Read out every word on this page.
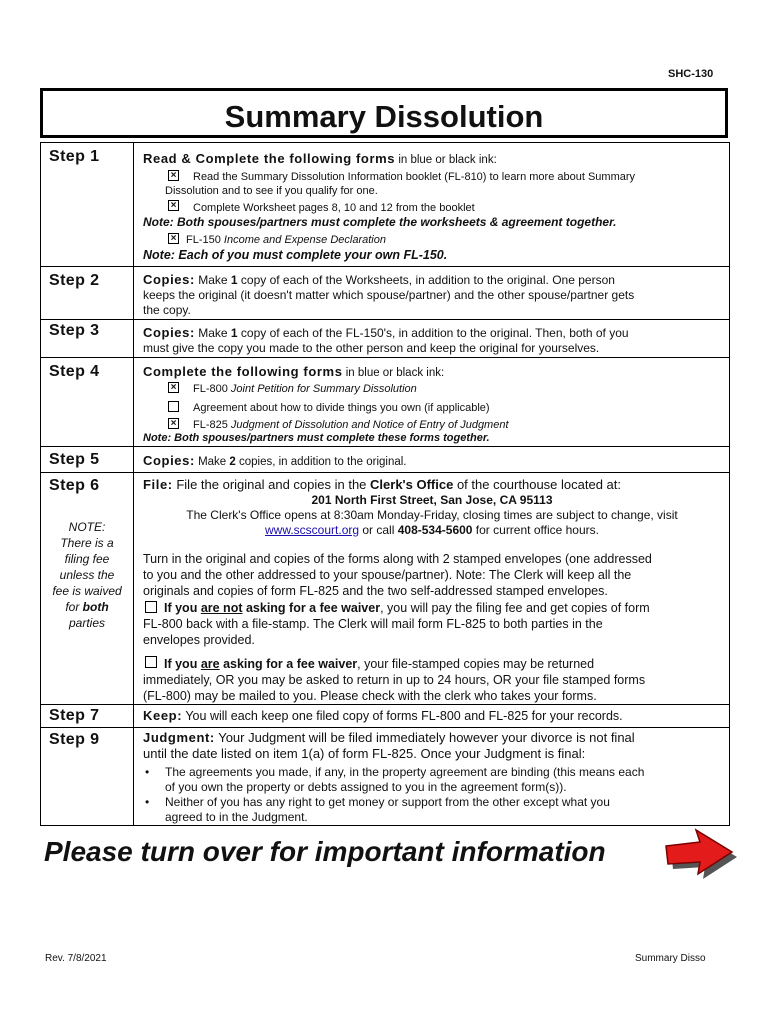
SHC-130
Summary Dissolution
Step 1
Step 2
Step 3
Step 4
Step 5
Step 6
Step 7
Step 9
Read & Complete the following forms in blue or black ink:
× Read the Summary Dissolution Information booklet (FL-810) to learn more about Summary
Dissolution and to see if you qualify for one.
× Complete Worksheet pages 8, 10 and 12 from the booklet
Note: Both spouses/partners must complete the worksheets & agreement together.
× FL-150 Income and Expense Declaration
Note: Each of you must complete your own FL-150.
Copies: Make 1 copy of each of the Worksheets, in addition to the original. One person
keeps the original (it doesn't matter which spouse/partner) and the other spouse/partner gets
the copy.
Copies: Make 1 copy of each of the FL-150's, in addition to the original. Then, both of you
must give the copy you made to the other person and keep the original for yourselves.
Complete the following forms in blue or black ink:
× FL-800 Joint Petition for Summary Dissolution
Agreement about how to divide things you own (if applicable)
× FL-825 Judgment of Dissolution and Notice of Entry of Judgment
Note: Both spouses/partners must complete these forms together.
Copies: Make 2 copies, in addition to the original.
File: File the original and copies in the Clerk's Office of the courthouse located at:
201 North First Street, San Jose, CA 95113
The Clerk's Office opens at 8:30am Monday-Friday, closing times are subject to change, visit
www.scscourt.org or call 408-534-5600 for current office hours.
NOTE:
There is a
filing fee
unless the
fee is waived
for both
parties
Turn in the original and copies of the forms along with 2 stamped envelopes (one addressed
to you and the other addressed to your spouse/partner). Note: The Clerk will keep all the
originals and copies of form FL-825 and the two self-addressed stamped envelopes.
If you are not asking for a fee waiver, you will pay the filing fee and get copies of form
FL-800 back with a file-stamp. The Clerk will mail form FL-825 to both parties in the
envelopes provided.
If you are asking for a fee waiver, your file-stamped copies may be returned
immediately, OR you may be asked to return in up to 24 hours, OR your file stamped forms
(FL-800) may be mailed to you. Please check with the clerk who takes your forms.
Keep: You will each keep one filed copy of forms FL-800 and FL-825 for your records.
Judgment: Your Judgment will be filed immediately however your divorce is not final
until the date listed on item 1(a) of form FL-825. Once your Judgment is final:
• The agreements you made, if any, in the property agreement are binding (this means each
of you own the property or debts assigned to you in the agreement form(s)).
• Neither of you has any right to get money or support from the other except what you
agreed to in the Judgment.
Please turn over for important information
Rev. 7/8/2021	Summary Disso
